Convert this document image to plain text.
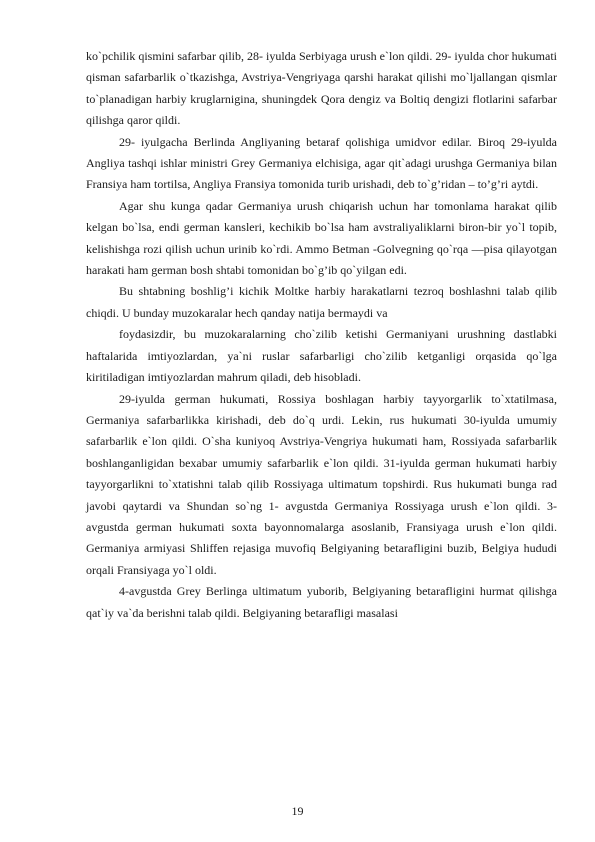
ko`pchilik qismini safarbar qilib, 28- iyulda Serbiyaga urush e`lon qildi. 29- iyulda chor hukumati qisman safarbarlik o`tkazishga, Avstriya-Vengriyaga qarshi harakat qilishi mo`ljallangan qismlar to`planadigan harbiy kruglarnigina, shuningdek Qora dengiz va Boltiq dengizi flotlarini safarbar qilishga qaror qildi.

29- iyulgacha Berlinda Angliyaning betaraf qolishiga umidvor edilar. Biroq 29-iyulda Angliya tashqi ishlar ministri Grey Germaniya elchisiga, agar qit`adagi urushga Germaniya bilan Fransiya ham tortilsa, Angliya Fransiya tomonida turib urishadi, deb to`g’ridan – to’g’ri aytdi.

Agar shu kunga qadar Germaniya urush chiqarish uchun har tomonlama harakat qilib kelgan bo`lsa, endi german kansleri, kechikib bo`lsa ham avstraliyaliklarni biron-bir yo`l topib, kelishishga rozi qilish uchun urinib ko`rdi. Ammo Betman -Golvegning qo`rqa —pisa qilayotgan harakati ham german bosh shtabi tomonidan bo`g’ib qo`yilgan edi.

Bu shtabning boshlig’i kichik Moltke harbiy harakatlarni tezroq boshlashni talab qilib chiqdi. U bunday muzokaralar hech qanday natija bermaydi va

foydasizdir, bu muzokaralarning cho`zilib ketishi Germaniyani urushning dastlabki haftalarida imtiyozlardan, ya`ni ruslar safarbarligi cho`zilib ketganligi orqasida qo`lga kiritiladigan imtiyozlardan mahrum qiladi, deb hisobladi.

29-iyulda german hukumati, Rossiya boshlagan harbiy tayyorgarlik to`xtatilmasa, Germaniya safarbarlikka kirishadi, deb do`q urdi. Lekin, rus hukumati 30-iyulda umumiy safarbarlik e`lon qildi. O`sha kuniyoq Avstriya-Vengriya hukumati ham, Rossiyada safarbarlik boshlanganligidan bexabar umumiy safarbarlik e`lon qildi. 31-iyulda german hukumati harbiy tayyorgarlikni to`xtatishni talab qilib Rossiyaga ultimatum topshirdi. Rus hukumati bunga rad javobi qaytardi va Shundan so`ng 1- avgustda Germaniya Rossiyaga urush e`lon qildi. 3- avgustda german hukumati soxta bayonnomalarga asoslanib, Fransiyaga urush e`lon qildi. Germaniya armiyasi Shliffen rejasiga muvofiq Belgiyaning betarafligini buzib, Belgiya hududi orqali Fransiyaga yo`l oldi.

4-avgustda Grey Berlinga ultimatum yuborib, Belgiyaning betarafligini hurmat qilishga qat`iy va`da berishni talab qildi. Belgiyaning betarafligi masalasi

19
